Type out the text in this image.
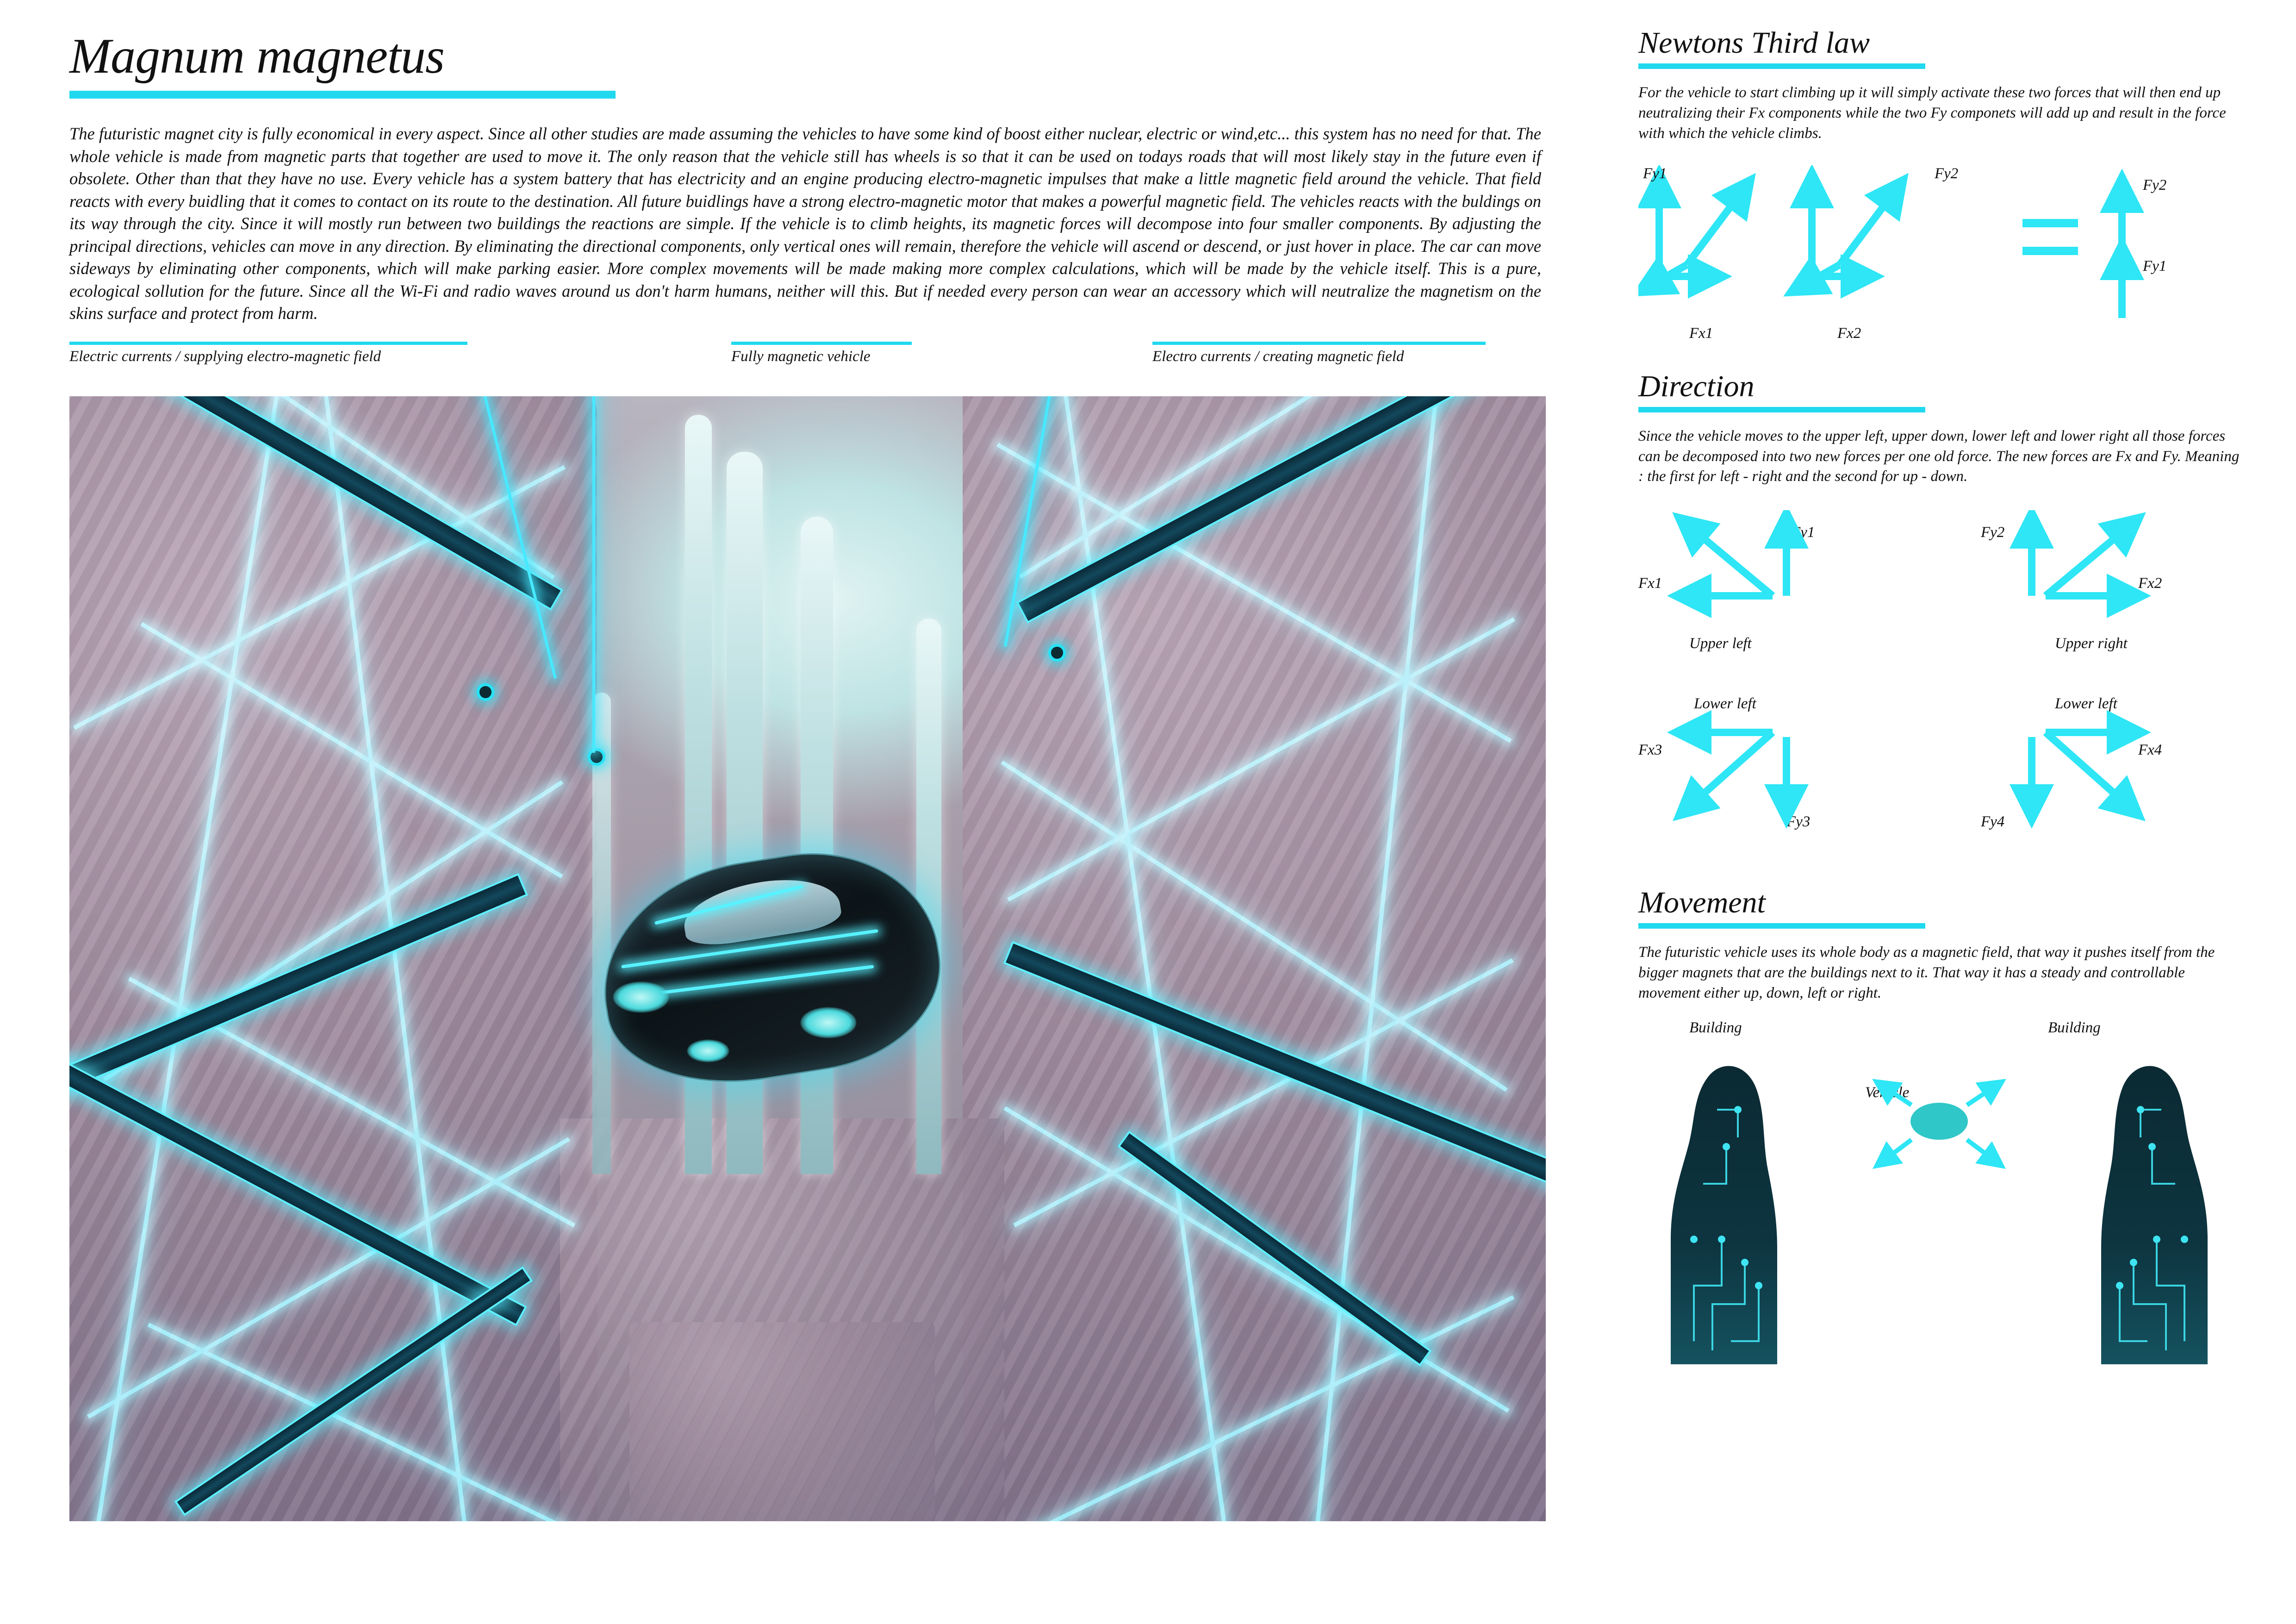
Magnum magnetus

The futuristic magnet city is fully economical in every aspect. Since all other studies are made assuming the vehicles to have some kind of boost either nuclear, electric or wind,etc... this system has no need for that. The whole vehicle is made from magnetic parts that together are used to move it. The only reason that the vehicle still has wheels is so that it can be used on todays roads that will most likely stay in the future even if obsolete. Other than that they have no use. Every vehicle has a system battery that has electricity and an engine producing electro-magnetic impulses that make a little magnetic field around the vehicle. That field reacts with every buidling that it comes to contact on its route to the destination. All future buidlings have a strong electro-magnetic motor that makes a powerful magnetic field. The vehicles reacts with the buldings on its way through the city. Since it will mostly run between two buildings the reactions are simple. If the vehicle is to climb heights, its magnetic forces will decompose into four smaller components. By adjusting the principal directions, vehicles can move in any direction. By eliminating the directional components, only vertical ones will remain, therefore the vehicle will ascend or descend, or just hover in place. The car can move sideways by eliminating other components, which will make parking easier. More complex movements will be made making more complex calculations, which will be made by the vehicle itself. This is a pure, ecological sollution for the future. Since all the Wi-Fi and radio waves around us don't harm humans, neither will this. But if needed every person can wear an accessory which will neutralize the magnetism on the skins surface and protect from harm.

Electric currents / supplying electro-magnetic field	Fully magnetic vehicle	Electro currents / creating magnetic field
Newtons Third law

For the vehicle to start climbing up it will simply activate these two forces that will then end up neutralizing their Fx components while the two Fy componets will add up and result in the force with which the vehicle climbs.

Fy1	Fy2
Fx1	Fx2
Fy2
Fy1
Direction

Since the vehicle moves to the upper left, upper down, lower left and lower right all those forces can be decomposed into two new forces per one old force. The new forces are Fx and Fy. Meaning : the first for left - right and the second for up - down.

Fy1
Fx1
Upper left
Fy2
Fx2
Upper right
Lower left
Fx3
Fy3
Lower left
Fx4
Fy4
Movement

The futuristic vehicle uses its whole body as a magnetic field, that way it pushes itself from the bigger magnets that are the buildings next to it. That way it has a steady and controllable movement either up, down, left or right.

Building	Building
Vehicle
